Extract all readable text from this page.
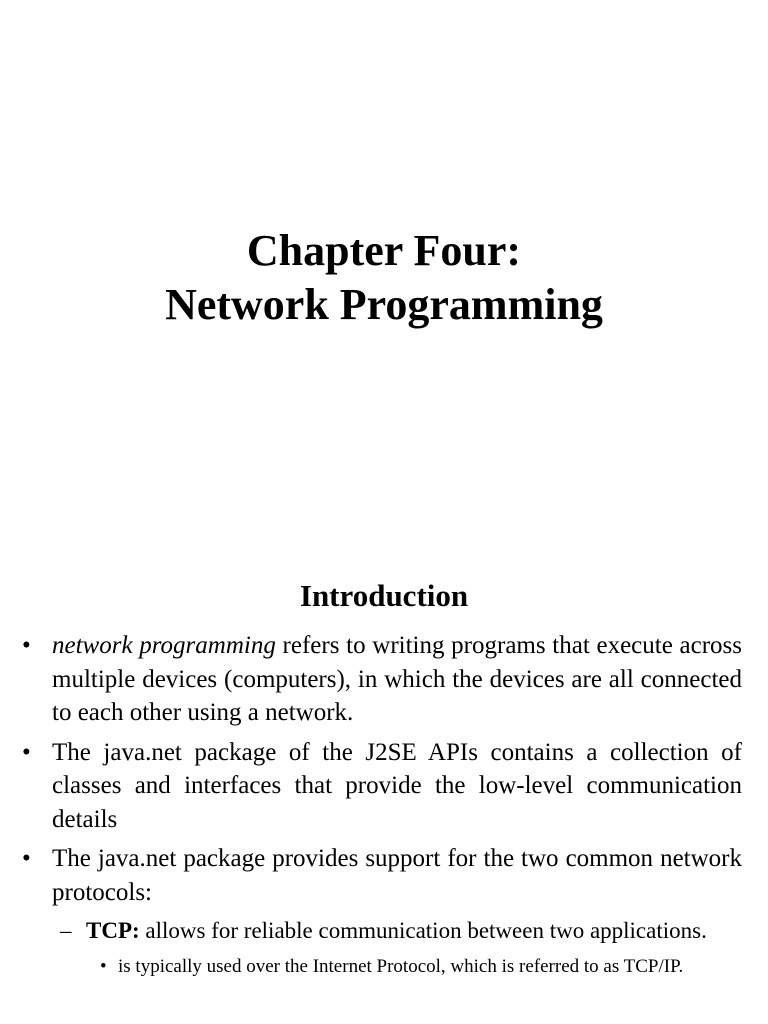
Chapter Four:
Network Programming
Introduction
• network programming refers to writing programs that execute across multiple devices (computers), in which the devices are all connected to each other using a network.
• The java.net package of the J2SE APIs contains a collection of classes and interfaces that provide the low-level communication details
• The java.net package provides support for the two common network protocols:
– TCP: allows for reliable communication between two applications.
• is typically used over the Internet Protocol, which is referred to as TCP/IP.
